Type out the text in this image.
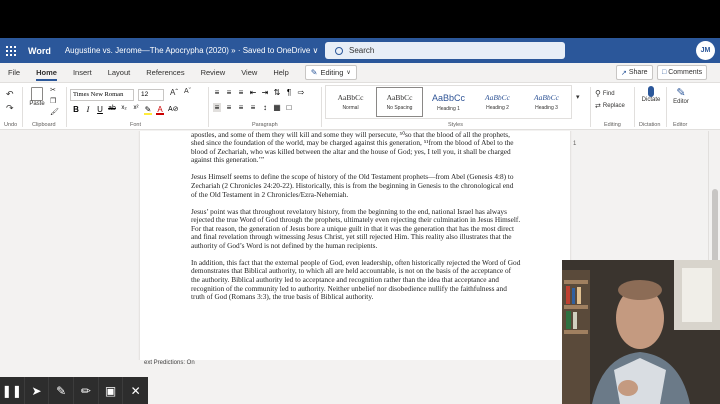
Word Augustine vs. Jerome—The Apocrypha (2020) » · Saved to OneDrive ∨	Search	JM
File	Home	Insert	Layout	References	Review	View	Help	✎ Editing ∨	↗ Share □ Comments
↶
↷
Undo
Paste
✂
❐
🖌
Clipboard
Times New Roman	12	Aˆ Aˇ
B I U ab x₂ x² ✎ A A⊘
Font
≡ ≡ ≡ ⇤ ⇥ ⇅ ¶ ⇨
≡ ≡ ≡ ≡ ↕ ▦ □
Paragraph
AaBbCc
Normal
AaBbCc
No Spacing
AaBbCc
Heading 1
AaBbCc
Heading 2
AaBbCc
Heading 3
▾
Styles
⚲ Find
⇄ Replace
Editing
Dictate
Dictation
✎
Editor
Editor

apostles, and some of them they will kill and some they will persecute, ⁵⁰so that the blood of all the prophets, shed since the foundation of the world, may be charged against this generation, ⁵¹from the blood of Abel to the blood of Zechariah, who was killed between the altar and the house of God; yes, I tell you, it shall be charged against this generation.’”

Jesus Himself seems to define the scope of history of the Old Testament prophets—from Abel (Genesis 4:8) to Zechariah (2 Chronicles 24:20-22). Historically, this is from the beginning in Genesis to the chronological end of the Old Testament in 2 Chronicles/Ezra-Nehemiah.

Jesus’ point was that throughout revelatory history, from the beginning to the end, national Israel has always rejected the true Word of God through the prophets, ultimately even rejecting their culmination in Jesus Himself. For that reason, the generation of Jesus bore a unique guilt in that it was the generation that has the most direct and final revelation through witnessing Jesus Christ, yet still rejected Him. This reality also illustrates that the authority of God’s Word is not defined by the human recipients.

In addition, this fact that the external people of God, even leadership, often historically rejected the Word of God demonstrates that Biblical authority, to which all are held accountable, is not on the basis of the acceptance of the authority. Biblical authority led to acceptance and recognition rather than the idea that acceptance and recognition of the community led to authority. Neither unbelief nor disobedience nullify the faithfulness and truth of God (Romans 3:3), the true basis of Biblical authority.

1
ext Predictions: On
❚❚ ➤	✎	✏	▣	✕
